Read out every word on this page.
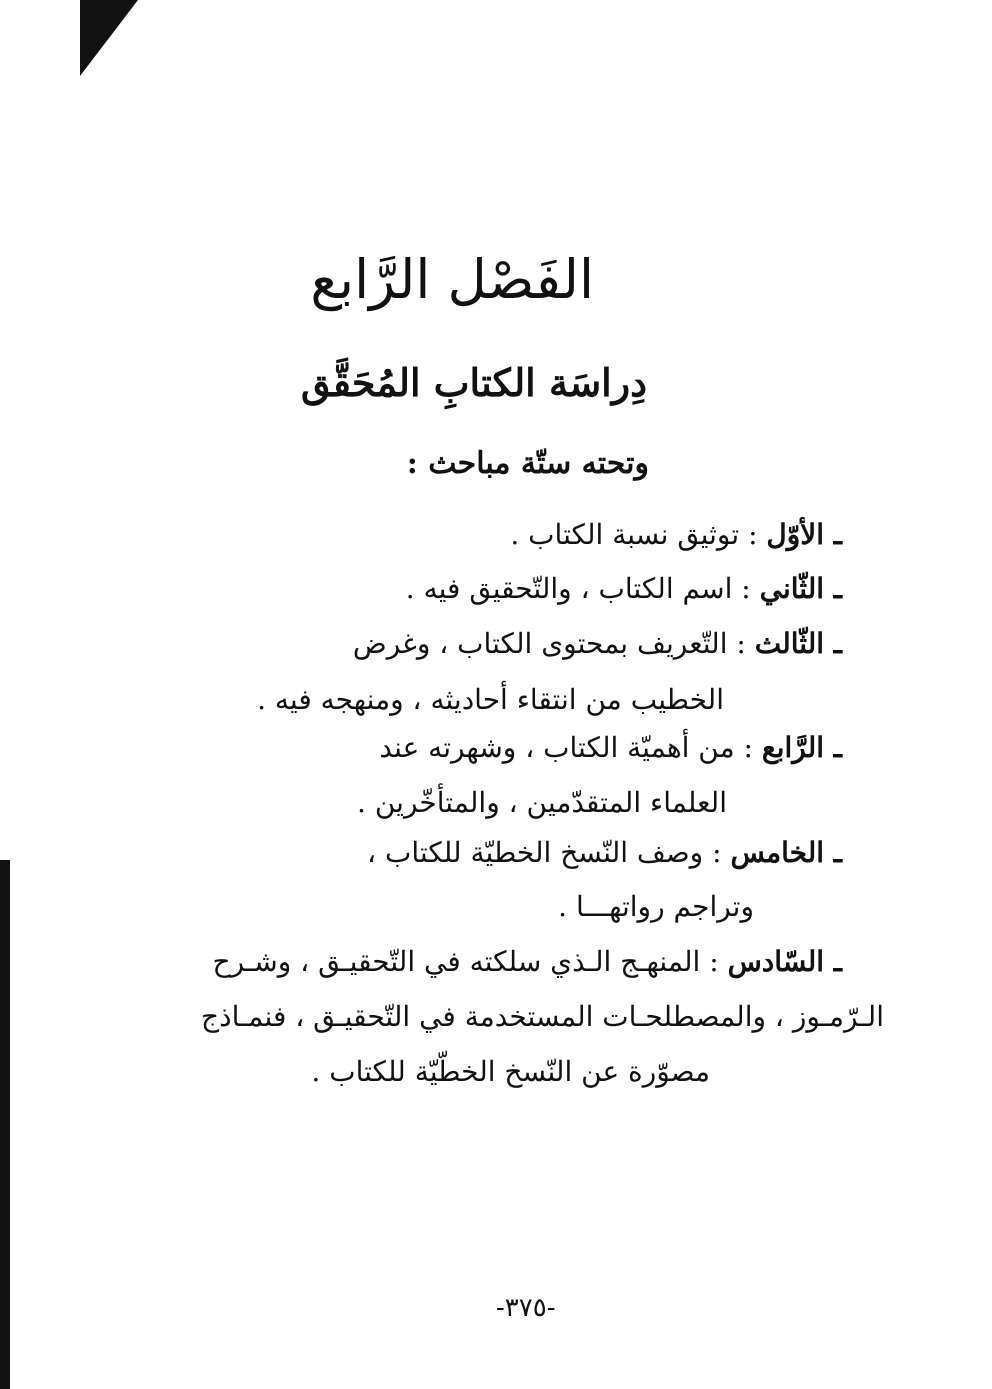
الفَصْل الرَّابع
دِراسَة الكتابِ المُحَقَّق
وتحته ستّة مباحث :
ـ الأوّل : توثيق نسبة الكتاب .
ـ الثّاني : اسم الكتاب ، والتّحقيق فيه .
ـ الثّالث : التّعريف بمحتوى الكتاب ، وغرض
الخطيب من انتقاء أحاديثه ، ومنهجه فيه .
ـ الرَّابع : من أهميّة الكتاب ، وشهرته عند
العلماء المتقدّمين ، والمتأخّرين .
ـ الخامس : وصف النّسخ الخطيّة للكتاب ،
وتراجم رواتهـــا .
ـ السّادس : المنهـج الـذي سلكته في التّحقيـق ، وشـرح
الـرّمـوز ، والمصطلحـات المستخدمة في التّحقيـق ، فنمـاذج
مصوّرة عن النّسخ الخطّيّة للكتاب .
-٣٧٥-
